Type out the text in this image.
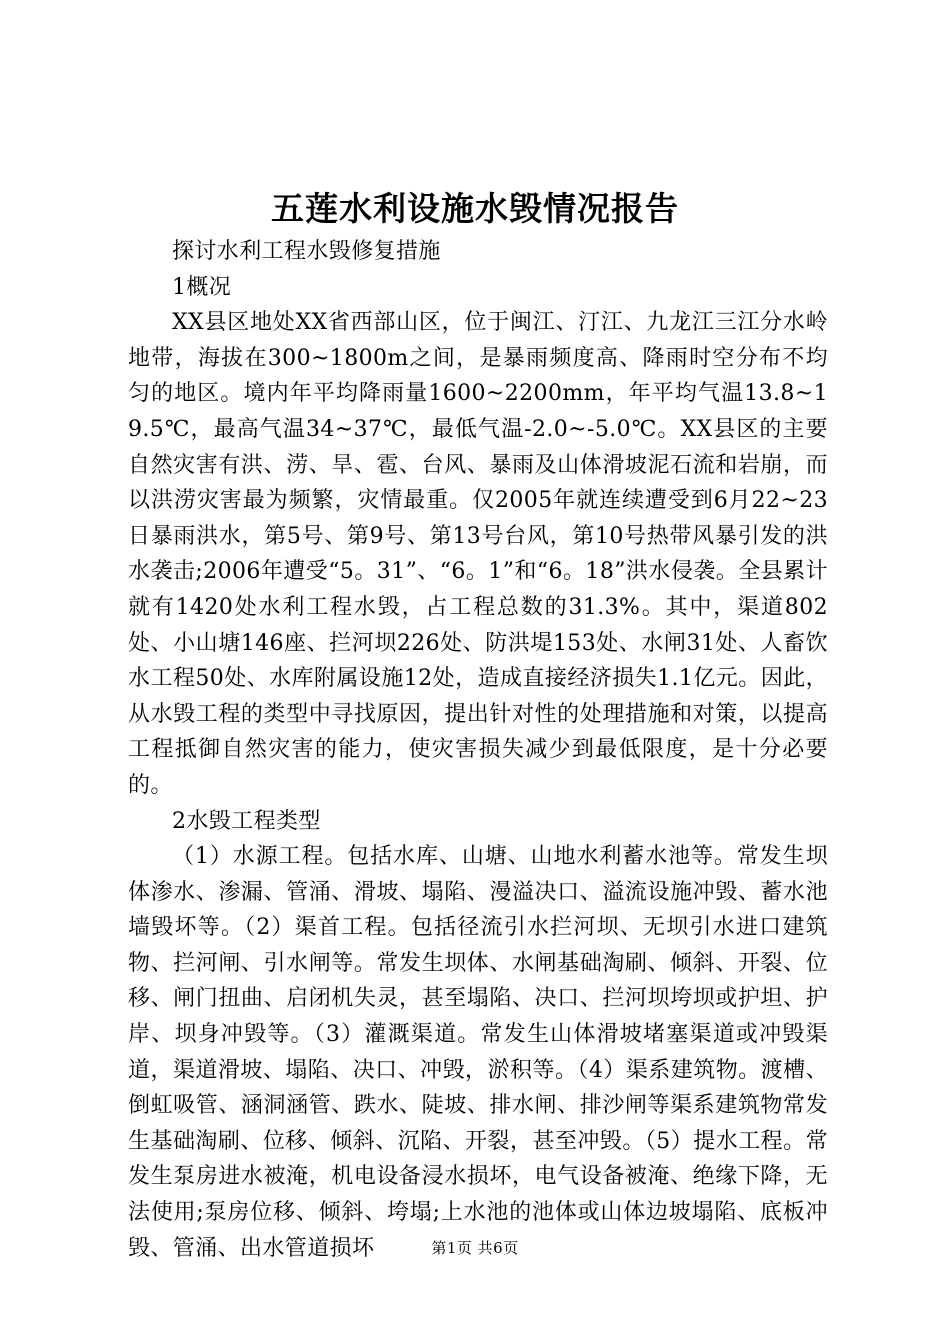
五莲水利设施水毁情况报告

探讨水利工程水毁修复措施

1概况

XX县区地处XX省西部山区，位于闽江、汀江、九龙江三江分水岭地带，海拔在300~1800m之间，是暴雨频度高、降雨时空分布不均匀的地区。境内年平均降雨量1600~2200mm，年平均气温13.8~19.5℃，最高气温34~37℃，最低气温-2.0~-5.0℃。XX县区的主要自然灾害有洪、涝、旱、雹、台风、暴雨及山体滑坡泥石流和岩崩，而以洪涝灾害最为频繁，灾情最重。仅2005年就连续遭受到6月22~23日暴雨洪水，第5号、第9号、第13号台风，第10号热带风暴引发的洪水袭击;2006年遭受“5。31”、“6。1”和“6。18”洪水侵袭。全县累计就有1420处水利工程水毁，占工程总数的31.3%。其中，渠道802处、小山塘146座、拦河坝226处、防洪堤153处、水闸31处、人畜饮水工程50处、水库附属设施12处，造成直接经济损失1.1亿元。因此，从水毁工程的类型中寻找原因，提出针对性的处理措施和对策，以提高工程抵御自然灾害的能力，使灾害损失减少到最低限度，是十分必要的。

2水毁工程类型

（1）水源工程。包括水库、山塘、山地水利蓄水池等。常发生坝体渗水、渗漏、管涌、滑坡、塌陷、漫溢决口、溢流设施冲毁、蓄水池墙毁坏等。（2）渠首工程。包括径流引水拦河坝、无坝引水进口建筑物、拦河闸、引水闸等。常发生坝体、水闸基础淘刷、倾斜、开裂、位移、闸门扭曲、启闭机失灵，甚至塌陷、决口、拦河坝垮坝或护坦、护岸、坝身冲毁等。（3）灌溉渠道。常发生山体滑坡堵塞渠道或冲毁渠道，渠道滑坡、塌陷、决口、冲毁，淤积等。（4）渠系建筑物。渡槽、倒虹吸管、涵洞涵管、跌水、陡坡、排水闸、排沙闸等渠系建筑物常发生基础淘刷、位移、倾斜、沉陷、开裂，甚至冲毁。（5）提水工程。常发生泵房进水被淹，机电设备浸水损坏，电气设备被淹、绝缘下降，无法使用;泵房位移、倾斜、垮塌;上水池的池体或山体边坡塌陷、底板冲毁、管涌、出水管道损坏	第1页 共6页
